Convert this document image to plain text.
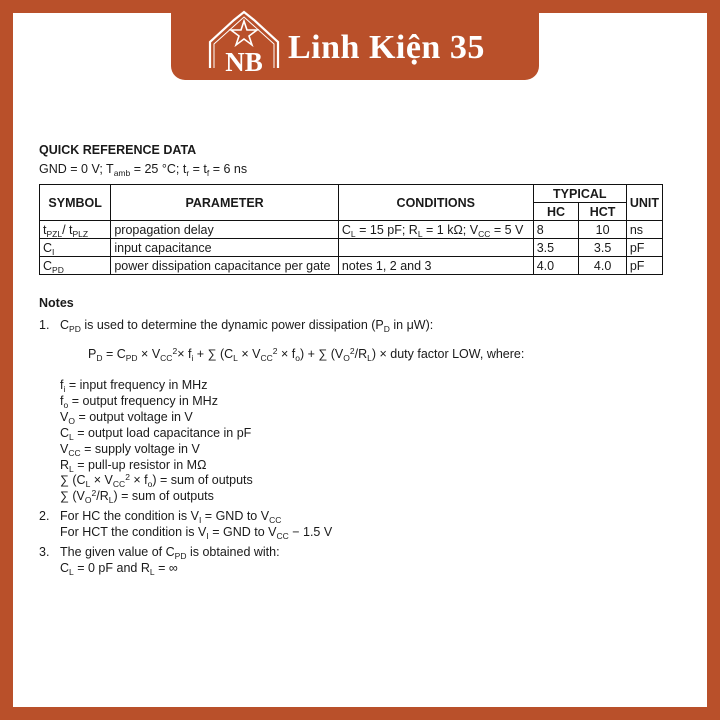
NB Linh Kiện 35
QUICK REFERENCE DATA
GND = 0 V; $T_{amb} = 25$ °C; $t_r = t_f = 6$ ns
SYMBOL	PARAMETER	CONDITIONS	TYPICAL		UNIT
			HC	HCT	
$t_{PZL}/$ $t_{PLZ}$	propagation delay	$C_L = 15$ pF; $R_L = 1$ kΩ; $V_{CC} = 5$ V	8	10	ns
$C_I$	input capacitance		3.5	3.5	pF
$C_{PD}$	power dissipation capacitance per gate	notes 1, 2 and 3	4.0	4.0	pF
Notes
1. $C_{PD}$ is used to determine the dynamic power dissipation ($P_D$ in μW):
$P_D = C_{PD} \times V_{CC}^2\times f_i$ + ∑ $(C_L \times V_{CC}^2 \times f_o)$ + ∑ $(V_O^2/R_L)$ × duty factor LOW, where:
$f_i$ = input frequency in MHz
$f_o$ = output frequency in MHz
$V_O$ = output voltage in V
$C_L$ = output load capacitance in pF
$V_{CC}$ = supply voltage in V
$R_L$ = pull-up resistor in MΩ
∑ $(C_L \times V_{CC}^2 \times f_o)$ = sum of outputs
∑ $(V_O^2/R_L)$ = sum of outputs
2. For HC the condition is $V_I$ = GND to $V_{CC}$
For HCT the condition is $V_I$ = GND to $V_{CC} - 1.5$ V
3. The given value of $C_{PD}$ is obtained with:
$C_L = 0$ pF and $R_L$ = ∞
